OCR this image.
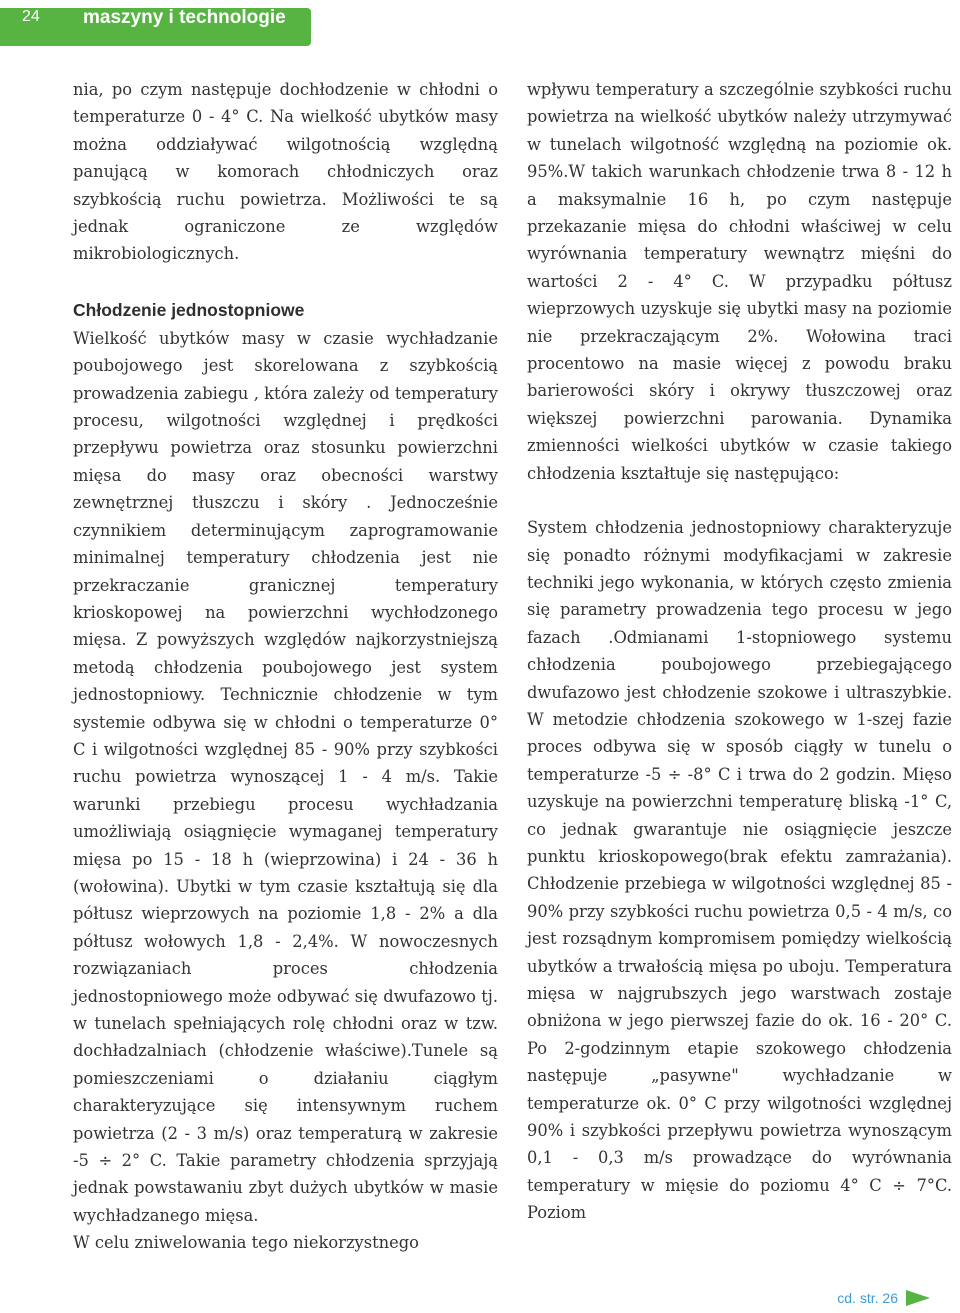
24 maszyny i technologie

nia, po czym następuje dochłodzenie w chłodni o temperaturze 0 - 4° C. Na wielkość ubytków masy można oddziaływać wilgotnością względną panującą w komorach chłodniczych oraz szybkością ruchu powietrza. Możliwości te są jednak ograniczone ze względów mikrobiologicznych.

Chłodzenie jednostopniowe

Wielkość ubytków masy w czasie wychładzanie poubojowego jest skorelowana z szybkością prowadzenia zabiegu , która zależy od temperatury procesu, wilgotności względnej i prędkości przepływu powietrza oraz stosunku powierzchni mięsa do masy oraz obecności warstwy zewnętrznej tłuszczu i skóry . Jednocześnie czynnikiem determinującym zaprogramowanie minimalnej temperatury chłodzenia jest nie przekraczanie granicznej temperatury krioskopowej na powierzchni wychłodzonego mięsa. Z powyższych względów najkorzystniejszą metodą chłodzenia poubojowego jest system jednostopniowy. Technicznie chłodzenie w tym systemie odbywa się w chłodni o temperaturze 0° C i wilgotności względnej 85 - 90% przy szybkości ruchu powietrza wynoszącej 1 - 4 m/s. Takie warunki przebiegu procesu wychładzania umożliwiają osiągnięcie wymaganej temperatury mięsa po 15 - 18 h (wieprzowina) i 24 - 36 h (wołowina). Ubytki w tym czasie kształtują się dla półtusz wieprzowych na poziomie 1,8 - 2% a dla półtusz wołowych 1,8 - 2,4%. W nowoczesnych rozwiązaniach proces chłodzenia jednostopniowego może odbywać się dwufazowo tj. w tunelach spełniających rolę chłodni oraz w tzw. dochładzalniach (chłodzenie właściwe).Tunele są pomieszczeniami o działaniu ciągłym charakteryzujące się intensywnym ruchem powietrza (2 - 3 m/s) oraz temperaturą w zakresie -5 ÷ 2° C. Takie parametry chłodzenia sprzyjają jednak powstawaniu zbyt dużych ubytków w masie wychładzanego mięsa.

W celu zniwelowania tego niekorzystnego

wpływu temperatury a szczególnie szybkości ruchu powietrza na wielkość ubytków należy utrzymywać w tunelach wilgotność względną na poziomie ok. 95%.W takich warunkach chłodzenie trwa 8 - 12 h a maksymalnie 16 h, po czym następuje przekazanie mięsa do chłodni właściwej w celu wyrównania temperatury wewnątrz mięśni do wartości 2 - 4° C. W przypadku półtusz wieprzowych uzyskuje się ubytki masy na poziomie nie przekraczającym 2%. Wołowina traci procentowo na masie więcej z powodu braku barierowości skóry i okrywy tłuszczowej oraz większej powierzchni parowania. Dynamika zmienności wielkości ubytków w czasie takiego chłodzenia kształtuje się następująco:

System chłodzenia jednostopniowy charakteryzuje się ponadto różnymi modyfikacjami w zakresie techniki jego wykonania, w których często zmienia się parametry prowadzenia tego procesu w jego fazach .Odmianami 1-stopniowego systemu chłodzenia poubojowego przebiegającego dwufazowo jest chłodzenie szokowe i ultraszybkie. W metodzie chłodzenia szokowego w 1-szej fazie proces odbywa się w sposób ciągły w tunelu o temperaturze -5 ÷ -8° C i trwa do 2 godzin. Mięso uzyskuje na powierzchni temperaturę bliską -1° C, co jednak gwarantuje nie osiągnięcie jeszcze punktu krioskopowego(brak efektu zamrażania). Chłodzenie przebiega w wilgotności względnej 85 - 90% przy szybkości ruchu powietrza 0,5 - 4 m/s, co jest rozsądnym kompromisem pomiędzy wielkością ubytków a trwałością mięsa po uboju. Temperatura mięsa w najgrubszych jego warstwach zostaje obniżona w jego pierwszej fazie do ok. 16 - 20° C. Po 2-godzinnym etapie szokowego chłodzenia następuje „pasywne" wychładzanie w temperaturze ok. 0° C przy wilgotności względnej 90% i szybkości przepływu powietrza wynoszącym 0,1 - 0,3 m/s prowadzące do wyrównania temperatury w mięsie do poziomu 4° C ÷ 7°C. Poziom

cd. str. 26
